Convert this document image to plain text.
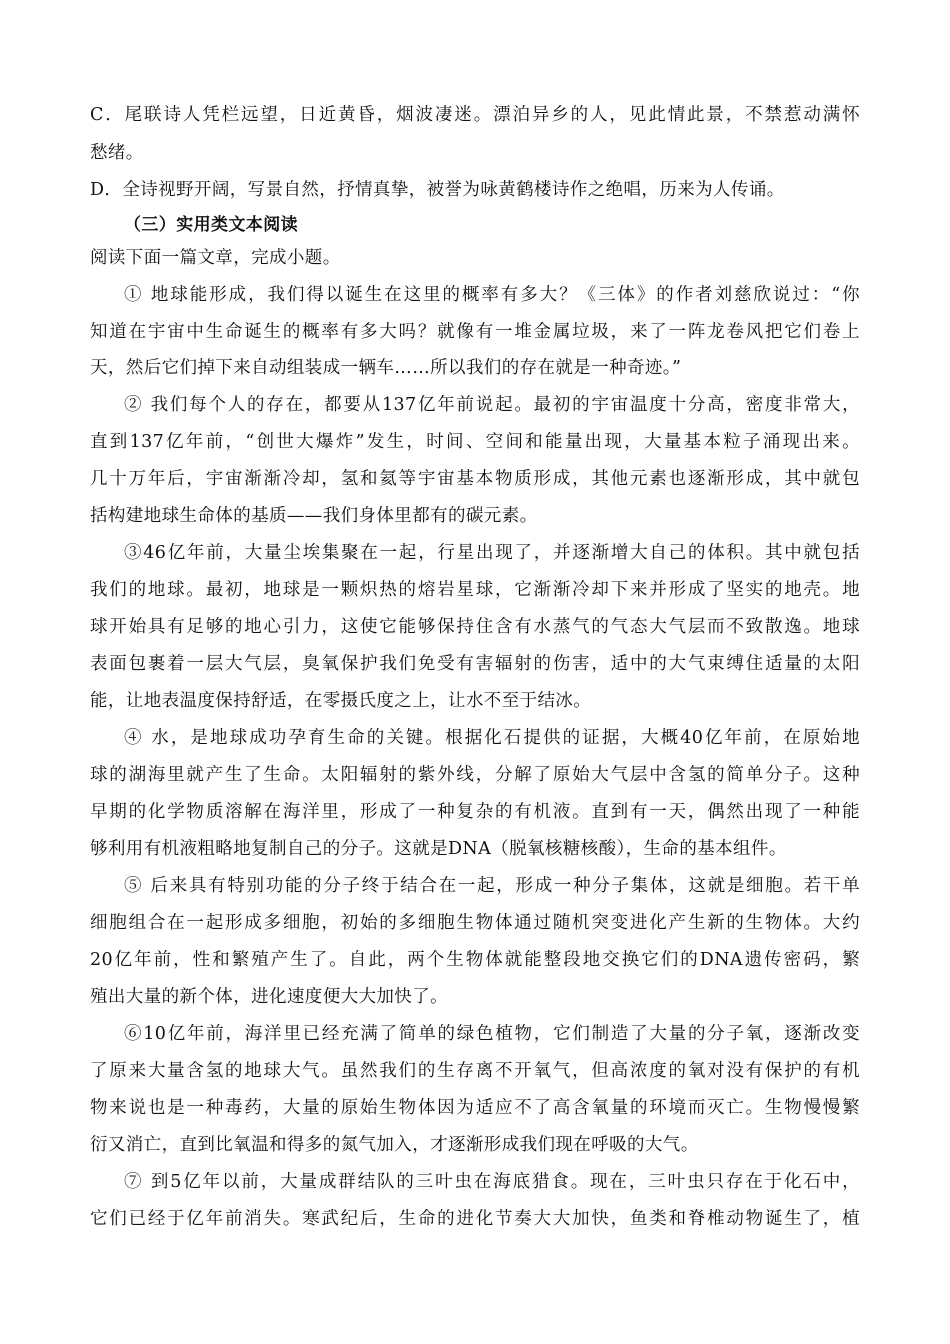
C．尾联诗人凭栏远望，日近黄昏，烟波凄迷。漂泊异乡的人，见此情此景，不禁惹动满怀
愁绪。
D．全诗视野开阔，写景自然，抒情真挚，被誉为咏黄鹤楼诗作之绝唱，历来为人传诵。
（三）实用类文本阅读
阅读下面一篇文章，完成小题。
① 地球能形成，我们得以诞生在这里的概率有多大？《三体》的作者刘慈欣说过：“你
知道在宇宙中生命诞生的概率有多大吗？就像有一堆金属垃圾，来了一阵龙卷风把它们卷上
天，然后它们掉下来自动组装成一辆车……所以我们的存在就是一种奇迹。”
② 我们每个人的存在，都要从137亿年前说起。最初的宇宙温度十分高，密度非常大，
直到137亿年前，“创世大爆炸”发生，时间、空间和能量出现，大量基本粒子涌现出来。
几十万年后，宇宙渐渐冷却，氢和氦等宇宙基本物质形成，其他元素也逐渐形成，其中就包
括构建地球生命体的基质——我们身体里都有的碳元素。
③46亿年前，大量尘埃集聚在一起，行星出现了，并逐渐增大自己的体积。其中就包括
我们的地球。最初，地球是一颗炽热的熔岩星球，它渐渐冷却下来并形成了坚实的地壳。地
球开始具有足够的地心引力，这使它能够保持住含有水蒸气的气态大气层而不致散逸。地球
表面包裹着一层大气层，臭氧保护我们免受有害辐射的伤害，适中的大气束缚住适量的太阳
能，让地表温度保持舒适，在零摄氏度之上，让水不至于结冰。
④ 水，是地球成功孕育生命的关键。根据化石提供的证据，大概40亿年前，在原始地
球的湖海里就产生了生命。太阳辐射的紫外线，分解了原始大气层中含氢的简单分子。这种
早期的化学物质溶解在海洋里，形成了一种复杂的有机液。直到有一天，偶然出现了一种能
够利用有机液粗略地复制自己的分子。这就是DNA（脱氧核糖核酸），生命的基本组件。
⑤ 后来具有特别功能的分子终于结合在一起，形成一种分子集体，这就是细胞。若干单
细胞组合在一起形成多细胞，初始的多细胞生物体通过随机突变进化产生新的生物体。大约
20亿年前，性和繁殖产生了。自此，两个生物体就能整段地交换它们的DNA遗传密码，繁
殖出大量的新个体，进化速度便大大加快了。
⑥10亿年前，海洋里已经充满了简单的绿色植物，它们制造了大量的分子氧，逐渐改变
了原来大量含氢的地球大气。虽然我们的生存离不开氧气，但高浓度的氧对没有保护的有机
物来说也是一种毒药，大量的原始生物体因为适应不了高含氧量的环境而灭亡。生物慢慢繁
衍又消亡，直到比氧温和得多的氮气加入，才逐渐形成我们现在呼吸的大气。
⑦ 到5亿年以前，大量成群结队的三叶虫在海底猎食。现在，三叶虫只存在于化石中，
它们已经于亿年前消失。寒武纪后，生命的进化节奏大大加快，鱼类和脊椎动物诞生了，植
